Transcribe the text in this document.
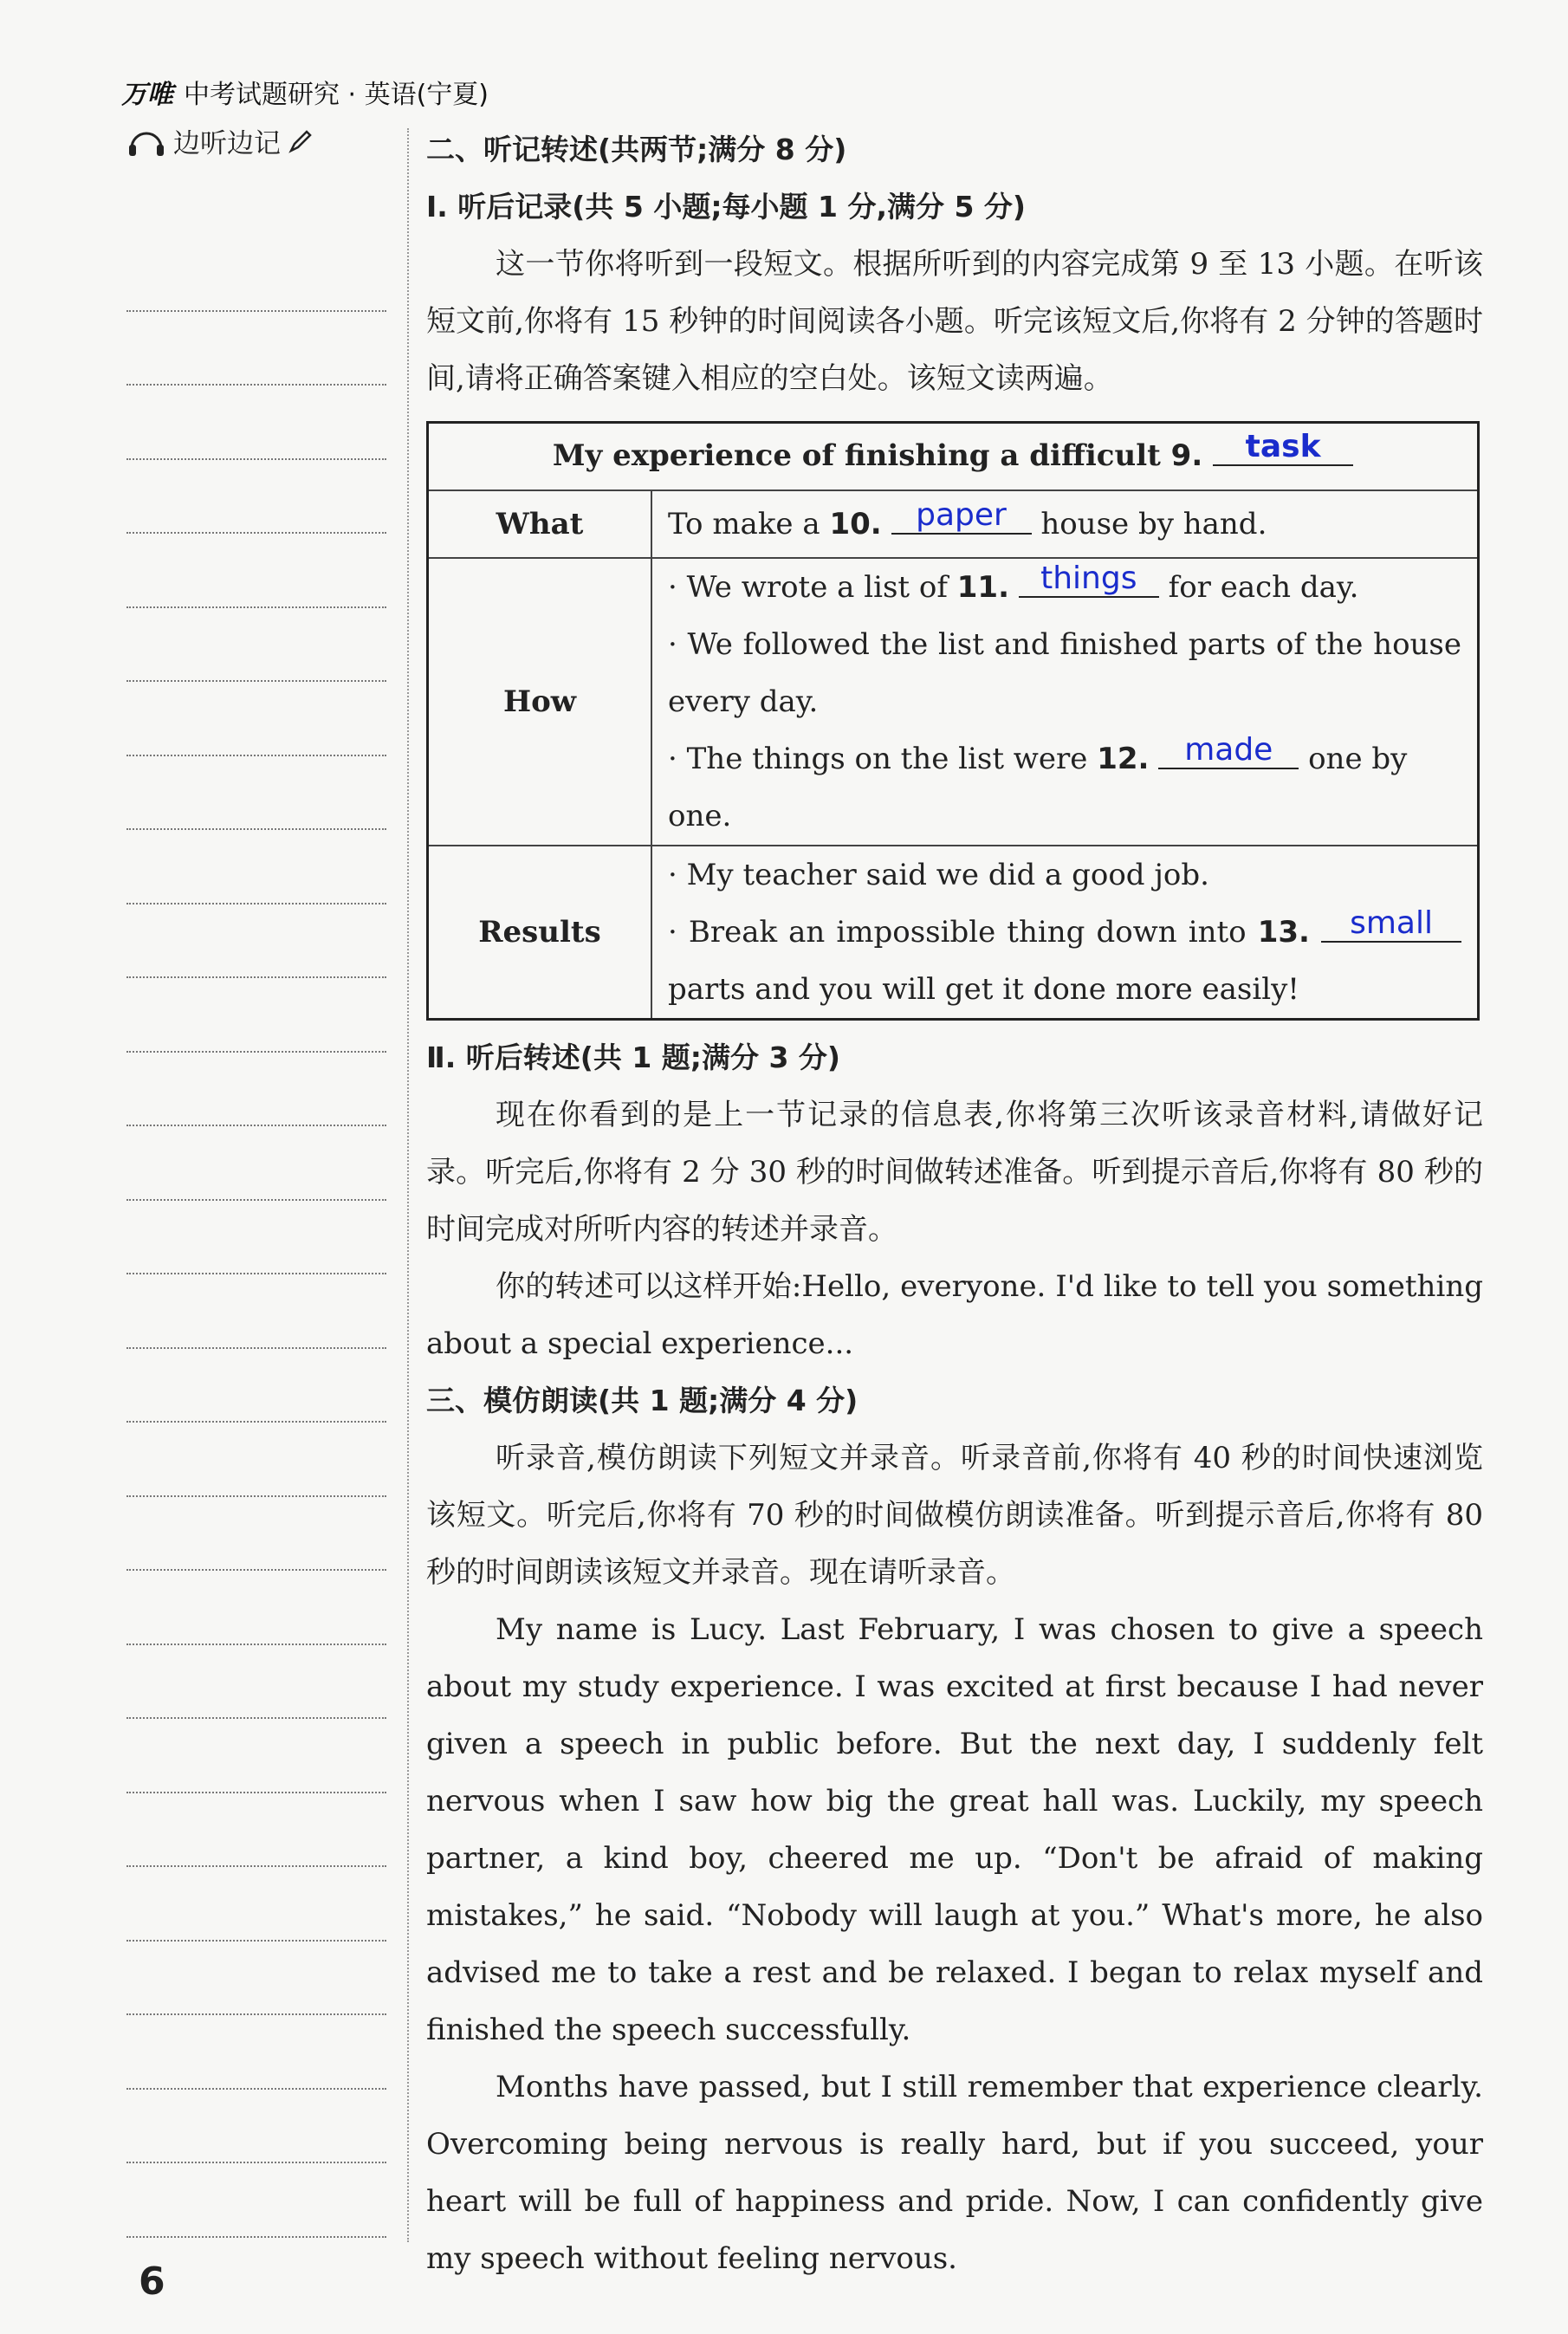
万唯 中考试题研究 · 英语(宁夏)
边听边记	二、听记转述(共两节;满分 8 分)
Ⅰ. 听后记录(共 5 小题;每小题 1 分,满分 5 分)

这一节你将听到一段短文。根据所听到的内容完成第 9 至 13 小题。在听该短文前,你将有 15 秒钟的时间阅读各小题。听完该短文后,你将有 2 分钟的答题时间,请将正确答案键入相应的空白处。该短文读两遍。

My experience of finishing a difficult 9. task	
What	To make a 10. paper house by hand.
How	· We wrote a list of 11. things for each day.
· We followed the list and finished parts of the house every day.
· The things on the list were 12. made one by one.

Results	· My teacher said we did a good job.
· Break an impossible thing down into 13. small parts and you will get it done more easily!
Ⅱ. 听后转述(共 1 题;满分 3 分)

现在你看到的是上一节记录的信息表,你将第三次听该录音材料,请做好记录。听完后,你将有 2 分 30 秒的时间做转述准备。听到提示音后,你将有 80 秒的时间完成对所听内容的转述并录音。

你的转述可以这样开始:Hello, everyone. I'd like to tell you something about a special experience...

三、模仿朗读(共 1 题;满分 4 分)

听录音,模仿朗读下列短文并录音。听录音前,你将有 40 秒的时间快速浏览该短文。听完后,你将有 70 秒的时间做模仿朗读准备。听到提示音后,你将有 80 秒的时间朗读该短文并录音。现在请听录音。

My name is Lucy. Last February, I was chosen to give a speech about my study experience. I was excited at first because I had never given a speech in public before. But the next day, I suddenly felt nervous when I saw how big the great hall was. Luckily, my speech partner, a kind boy, cheered me up. “Don't be afraid of making mistakes,” he said. “Nobody will laugh at you.” What's more, he also advised me to take a rest and be relaxed. I began to relax myself and finished the speech successfully.

Months have passed, but I still remember that experience clearly. Overcoming being nervous is really hard, but if you succeed, your heart will be full of happiness and pride. Now, I can confidently give my speech without feeling nervous.

6
